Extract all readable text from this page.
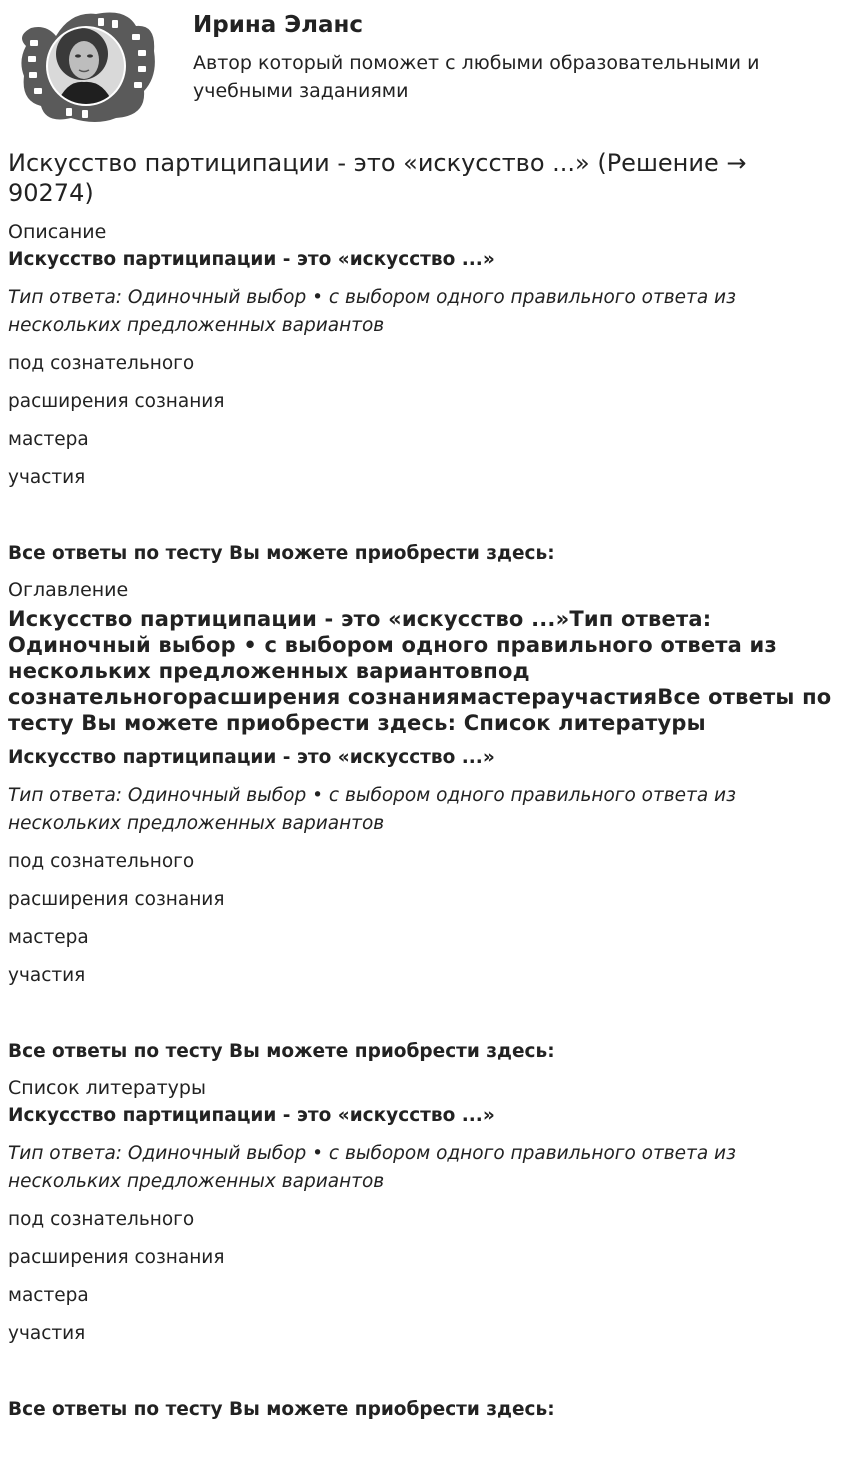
Ирина Эланс

Автор который поможет с любыми образовательными и учебными заданиями

Искусство партиципации - это «искусство ...» (Решение → 90274)

Описание

Искусство партиципации - это «искусство ...»

Тип ответа: Одиночный выбор • с выбором одного правильного ответа из нескольких предложенных вариантов

под сознательного

расширения сознания

мастера

участия

Все ответы по тесту Вы можете приобрести здесь:

Оглавление

Искусство партиципации - это «искусство ...»Тип ответа: Одиночный выбор • с выбором одного правильного ответа из нескольких предложенных вариантовпод сознательногорасширения сознаниямастераучастияВсе ответы по тесту Вы можете приобрести здесь: Список литературы

Искусство партиципации - это «искусство ...»

Тип ответа: Одиночный выбор • с выбором одного правильного ответа из нескольких предложенных вариантов

под сознательного

расширения сознания

мастера

участия

Все ответы по тесту Вы можете приобрести здесь:

Список литературы

Искусство партиципации - это «искусство ...»

Тип ответа: Одиночный выбор • с выбором одного правильного ответа из нескольких предложенных вариантов

под сознательного

расширения сознания

мастера

участия

Все ответы по тесту Вы можете приобрести здесь:
